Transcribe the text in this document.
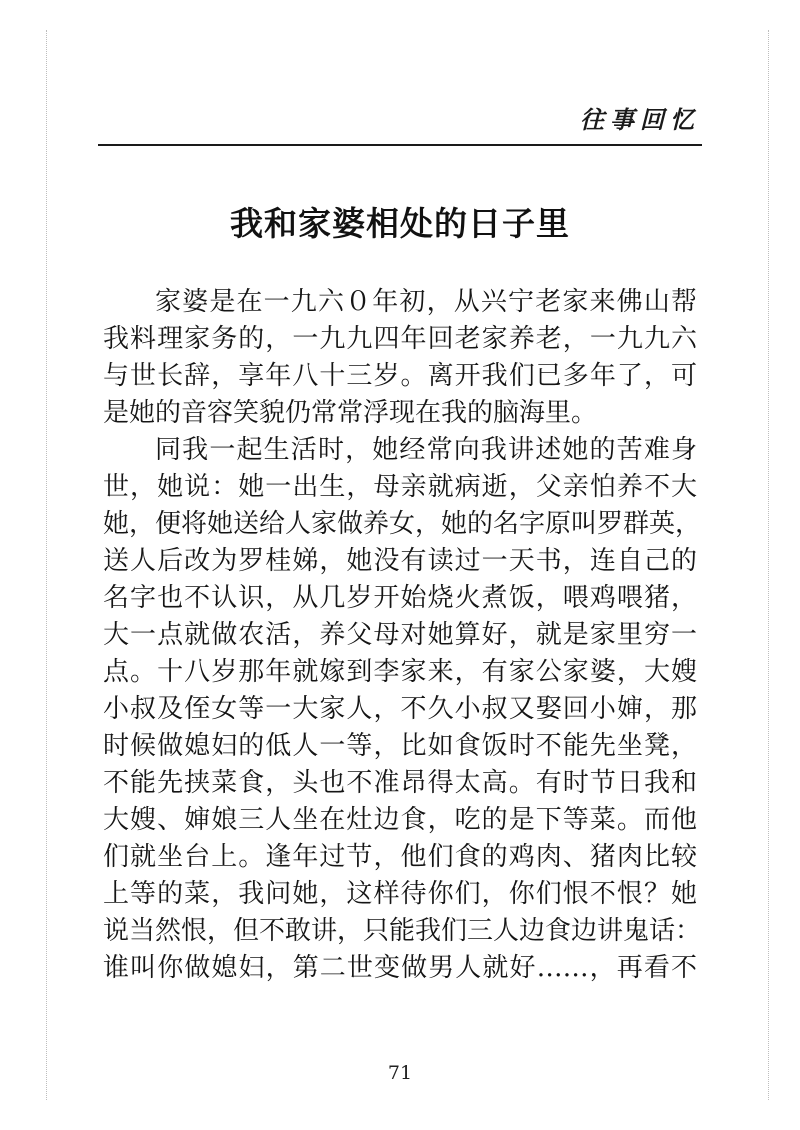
往事回忆
我和家婆相处的日子里
家婆是在一九六０年初，从兴宁老家来佛山帮
我料理家务的，一九九四年回老家养老，一九九六
与世长辞，享年八十三岁。离开我们已多年了，可
是她的音容笑貌仍常常浮现在我的脑海里。
同我一起生活时，她经常向我讲述她的苦难身
世，她说：她一出生，母亲就病逝，父亲怕养不大
她，便将她送给人家做养女，她的名字原叫罗群英，
送人后改为罗桂娣，她没有读过一天书，连自己的
名字也不认识，从几岁开始烧火煮饭，喂鸡喂猪，
大一点就做农活，养父母对她算好，就是家里穷一
点。十八岁那年就嫁到李家来，有家公家婆，大嫂
小叔及侄女等一大家人，不久小叔又娶回小婶，那
时候做媳妇的低人一等，比如食饭时不能先坐凳，
不能先挟菜食，头也不准昂得太高。有时节日我和
大嫂、婶娘三人坐在灶边食，吃的是下等菜。而他
们就坐台上。逢年过节，他们食的鸡肉、猪肉比较
上等的菜，我问她，这样待你们，你们恨不恨？她
说当然恨，但不敢讲，只能我们三人边食边讲鬼话：
谁叫你做媳妇，第二世变做男人就好……，再看不
71
